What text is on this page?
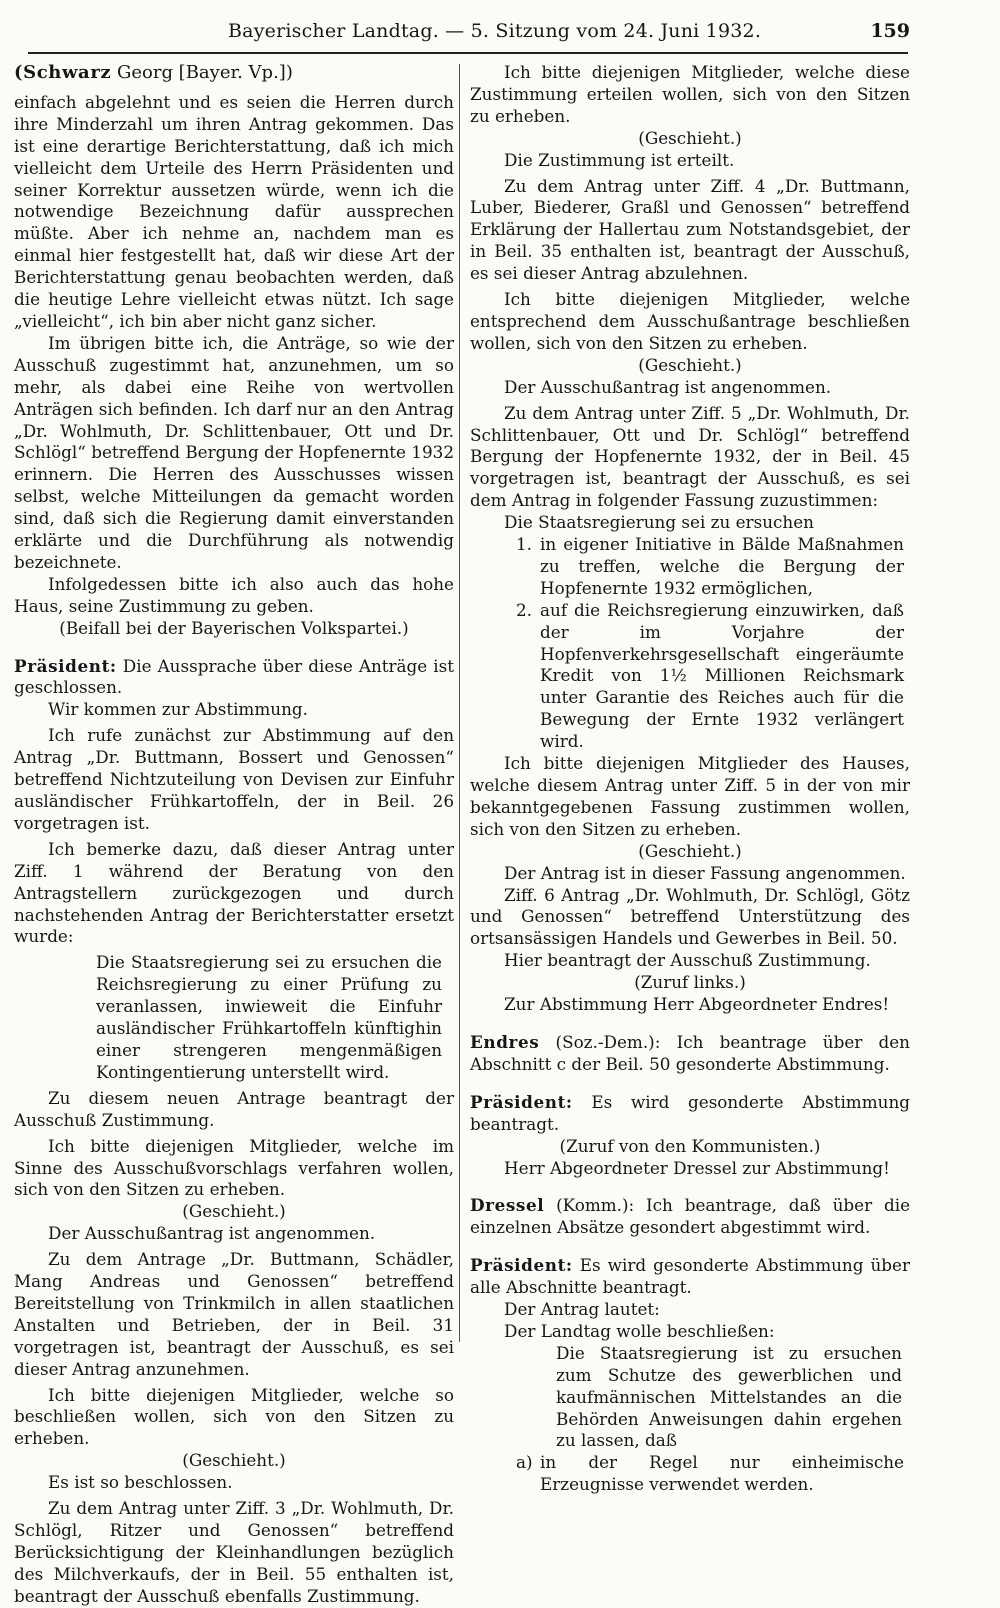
Bayerischer Landtag. — 5. Sitzung vom 24. Juni 1932.	159

(Schwarz Georg [Bayer. Vp.])

einfach abgelehnt und es seien die Herren durch ihre Minderzahl um ihren Antrag gekommen. Das ist eine derartige Berichterstattung, daß ich mich vielleicht dem Urteile des Herrn Präsidenten und seiner Korrektur aussetzen würde, wenn ich die notwendige Bezeichnung dafür aussprechen müßte. Aber ich nehme an, nachdem man es einmal hier festgestellt hat, daß wir diese Art der Berichterstattung genau beobachten werden, daß die heutige Lehre vielleicht etwas nützt. Ich sage „vielleicht“, ich bin aber nicht ganz sicher.

Im übrigen bitte ich, die Anträge, so wie der Ausschuß zugestimmt hat, anzunehmen, um so mehr, als dabei eine Reihe von wertvollen Anträgen sich befinden. Ich darf nur an den Antrag „Dr. Wohlmuth, Dr. Schlittenbauer, Ott und Dr. Schlögl“ betreffend Bergung der Hopfenernte 1932 erinnern. Die Herren des Ausschusses wissen selbst, welche Mitteilungen da gemacht worden sind, daß sich die Regierung damit einverstanden erklärte und die Durchführung als notwendig bezeichnete.

Infolgedessen bitte ich also auch das hohe Haus, seine Zustimmung zu geben.

(Beifall bei der Bayerischen Volkspartei.)

Präsident: Die Aussprache über diese Anträge ist geschlossen.

Wir kommen zur Abstimmung.

Ich rufe zunächst zur Abstimmung auf den Antrag „Dr. Buttmann, Bossert und Genossen“ betreffend Nichtzuteilung von Devisen zur Einfuhr ausländischer Frühkartoffeln, der in Beil. 26 vorgetragen ist.

Ich bemerke dazu, daß dieser Antrag unter Ziff. 1 während der Beratung von den Antragstellern zurückgezogen und durch nachstehenden Antrag der Berichterstatter ersetzt wurde:

Die Staatsregierung sei zu ersuchen die Reichsregierung zu einer Prüfung zu veranlassen, inwieweit die Einfuhr ausländischer Frühkartoffeln künftighin einer strengeren mengenmäßigen Kontingentierung unterstellt wird.

Zu diesem neuen Antrage beantragt der Ausschuß Zustimmung.

Ich bitte diejenigen Mitglieder, welche im Sinne des Ausschußvorschlags verfahren wollen, sich von den Sitzen zu erheben.

(Geschieht.)

Der Ausschußantrag ist angenommen.

Zu dem Antrage „Dr. Buttmann, Schädler, Mang Andreas und Genossen“ betreffend Bereitstellung von Trinkmilch in allen staatlichen Anstalten und Betrieben, der in Beil. 31 vorgetragen ist, beantragt der Ausschuß, es sei dieser Antrag anzunehmen.

Ich bitte diejenigen Mitglieder, welche so beschließen wollen, sich von den Sitzen zu erheben.

(Geschieht.)

Es ist so beschlossen.

Zu dem Antrag unter Ziff. 3 „Dr. Wohlmuth, Dr. Schlögl, Ritzer und Genossen“ betreffend Berücksichtigung der Kleinhandlungen bezüglich des Milchverkaufs, der in Beil. 55 enthalten ist, beantragt der Ausschuß ebenfalls Zustimmung.

Ich bitte diejenigen Mitglieder, welche diese Zustimmung erteilen wollen, sich von den Sitzen zu erheben.

(Geschieht.)

Die Zustimmung ist erteilt.

Zu dem Antrag unter Ziff. 4 „Dr. Buttmann, Luber, Biederer, Graßl und Genossen“ betreffend Erklärung der Hallertau zum Notstandsgebiet, der in Beil. 35 enthalten ist, beantragt der Ausschuß, es sei dieser Antrag abzulehnen.

Ich bitte diejenigen Mitglieder, welche entsprechend dem Ausschußantrage beschließen wollen, sich von den Sitzen zu erheben.

(Geschieht.)

Der Ausschußantrag ist angenommen.

Zu dem Antrag unter Ziff. 5 „Dr. Wohlmuth, Dr. Schlittenbauer, Ott und Dr. Schlögl“ betreffend Bergung der Hopfenernte 1932, der in Beil. 45 vorgetragen ist, beantragt der Ausschuß, es sei dem Antrag in folgender Fassung zuzustimmen:

Die Staatsregierung sei zu ersuchen

1. in eigener Initiative in Bälde Maßnahmen zu treffen, welche die Bergung der Hopfenernte 1932 ermöglichen,
2. auf die Reichsregierung einzuwirken, daß der im Vorjahre der Hopfenverkehrsgesellschaft eingeräumte Kredit von 1½ Millionen Reichsmark unter Garantie des Reiches auch für die Bewegung der Ernte 1932 verlängert wird.

Ich bitte diejenigen Mitglieder des Hauses, welche diesem Antrag unter Ziff. 5 in der von mir bekanntgegebenen Fassung zustimmen wollen, sich von den Sitzen zu erheben.

(Geschieht.)

Der Antrag ist in dieser Fassung angenommen.

Ziff. 6 Antrag „Dr. Wohlmuth, Dr. Schlögl, Götz und Genossen“ betreffend Unterstützung des ortsansässigen Handels und Gewerbes in Beil. 50.

Hier beantragt der Ausschuß Zustimmung.

(Zuruf links.)

Zur Abstimmung Herr Abgeordneter Endres!

Endres (Soz.-Dem.): Ich beantrage über den Abschnitt c der Beil. 50 gesonderte Abstimmung.

Präsident: Es wird gesonderte Abstimmung beantragt.

(Zuruf von den Kommunisten.)

Herr Abgeordneter Dressel zur Abstimmung!

Dressel (Komm.): Ich beantrage, daß über die einzelnen Absätze gesondert abgestimmt wird.

Präsident: Es wird gesonderte Abstimmung über alle Abschnitte beantragt.

Der Antrag lautet:

Der Landtag wolle beschließen:

Die Staatsregierung ist zu ersuchen zum Schutze des gewerblichen und kaufmännischen Mittelstandes an die Behörden Anweisungen dahin ergehen zu lassen, daß

a) in der Regel nur einheimische Erzeugnisse verwendet werden.
